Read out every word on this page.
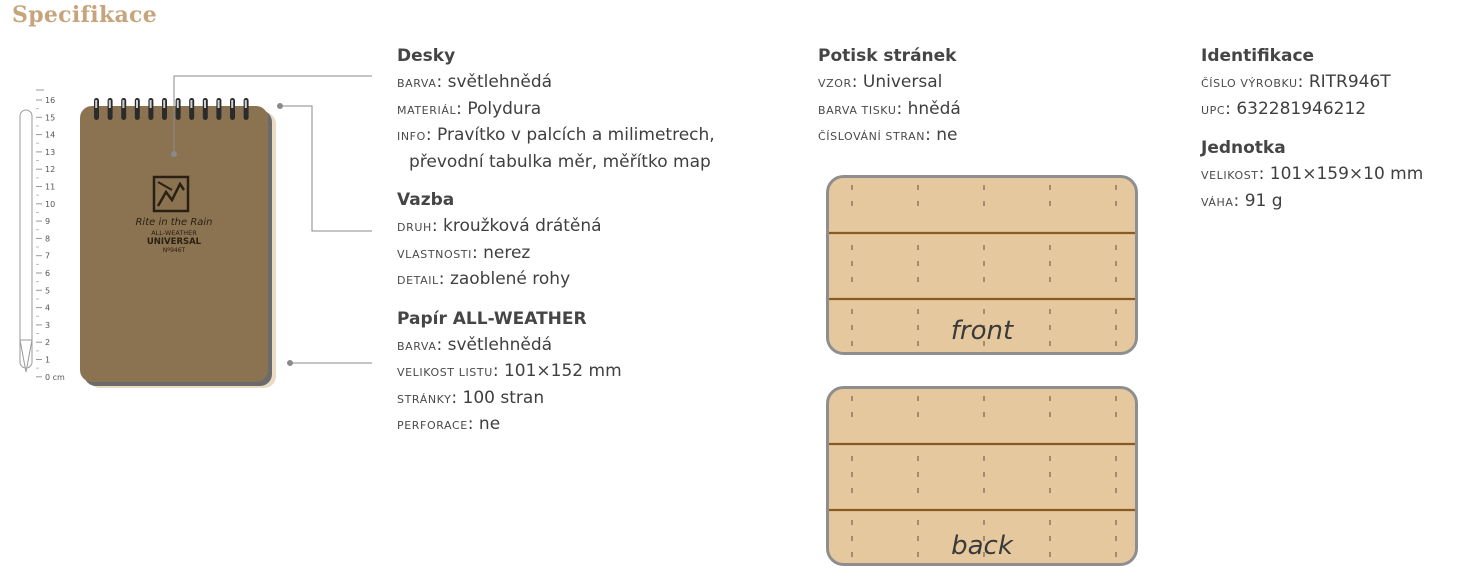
Specifikace
16
15
14
13
12
11
10
9
8
7
6
5
4
3
2
1
0 cm
Rite in the Rain
ALL-WEATHER
UNIVERSAL
Nº946T
Desky
BARVA: světlehnědá
MATERIÁL: Polydura
INFO: Pravítko v palcích a milimetrech,
převodní tabulka měr, měřítko map
Vazba
DRUH: kroužková drátěná
VLASTNOSTI: nerez
DETAIL: zaoblené rohy
Papír ALL-WEATHER
BARVA: světlehnědá
VELIKOST LISTU: 101×152 mm
STRÁNKY: 100 stran
PERFORACE: ne
Potisk stránek
VZOR: Universal
BARVA TISKU: hnědá
ČÍSLOVÁNÍ STRAN: ne
front
back
Identifikace
ČÍSLO VÝROBKU: RITR946T
UPC: 632281946212
Jednotka
VELIKOST: 101×159×10 mm
VÁHA: 91 g
